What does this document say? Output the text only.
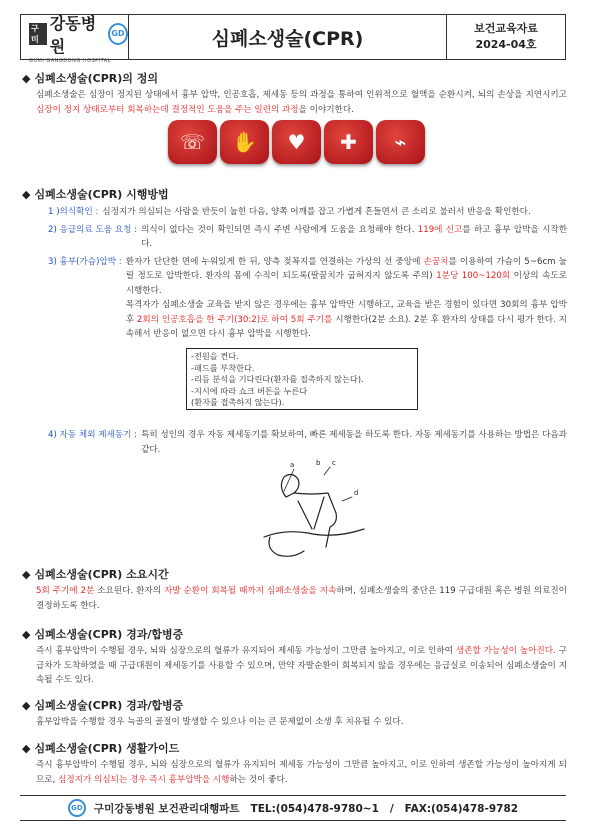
구미
강동병원
GD
GUMI GANGDONG HOSPITAL
심폐소생술(CPR)	보건교육자료
2024-04호
◆ 심폐소생술(CPR)의 정의
심폐소생술은 심장이 정지된 상태에서 흉부 압박, 인공호흡, 제세동 등의 과정을 통하여 인위적으로 혈액을 순환시켜, 뇌의 손상을 지연시키고 심장이 정지 상태로부터 회복하는데 결정적인 도움을 주는 일련의 과정을 이야기한다.
☏ ✋ ♥ ✚ ⌁
◆ 심폐소생술(CPR) 시행방법
1 )의식확인 : 심정지가 의심되는 사람을 반듯이 눕힌 다음, 양쪽 어깨를 잡고 가볍게 흔들면서 큰 소리로 불러서 반응을 확인한다.
2) 응급의료 도움 요청 : 의식이 없다는 것이 확인되면 즉시 주변 사람에게 도움을 요청해야 한다. 119에 신고를 하고 흉부 압박을 시작한다.
3) 흉부(가슴)압박 : 환자가 단단한 면에 누워있게 한 뒤, 양측 젖꼭지를 연결하는 가상의 선 중앙에 손꿈치를 이용하여 가슴이 5~6cm 눌릴 정도로 압박한다. 환자의 몸에 수직이 되도록(팔꿈치가 굽혀지지 않도록 주의) 1분당 100~120회 이상의 속도로 시행한다.
목격자가 심폐소생술 교육을 받지 않은 경우에는 흉부 압박만 시행하고, 교육을 받은 경험이 있다면 30회의 흉부 압박 후 2회의 인공호흡을 한 주기(30:2)로 하여 5회 주기를 시행한다(2분 소요). 2분 후 환자의 상태를 다시 평가 한다. 지속해서 반응이 없으면 다시 흉부 압박을 시행한다.
-전원을 켠다.
-패드를 부착한다.
-리듬 분석을 기다린다(환자를 접촉하지 않는다).
-지시에 따라 쇼크 버튼을 누른다
(환자를 접촉하지 않는다).
4) 자동 체외 제세동기 : 특히 성인의 경우 자동 제세동기를 확보하여, 빠른 제세동을 하도록 한다. 자동 제세동기를 사용하는 방법은 다음과 같다.
a	b c
d
◆ 심폐소생술(CPR) 소요시간
5회 주기에 2분 소요된다. 환자의 자발 순환이 회복될 때까지 심폐소생술을 지속하며, 심폐소생술의 중단은 119 구급대원 혹은 병원 의료진이 결정하도록 한다.
◆ 심폐소생술(CPR) 경과/합병증
즉시 흉부압박이 수행될 경우, 뇌와 심장으로의 혈류가 유지되어 제세동 가능성이 그만큼 높아지고, 이로 인하여 생존할 가능성이 높아진다. 구급차가 도착하였을 때 구급대원이 제세동기를 사용할 수 있으며, 만약 자발순환이 회복되지 않을 경우에는 응급실로 이송되어 심폐소생술이 지속될 수도 있다.
◆ 심폐소생술(CPR) 경과/합병증
흉부압박을 수행할 경우 늑골의 골절이 발생할 수 있으나 이는 큰 문제없이 소생 후 치유될 수 있다.
◆ 심폐소생술(CPR) 생활가이드
즉시 흉부압박이 수행될 경우, 뇌와 심장으로의 혈류가 유지되어 제세동 가능성이 그만큼 높아지고, 이로 인하여 생존할 가능성이 높아지게 되므로, 심정지가 의심되는 경우 즉시 흉부압박을 시행하는 것이 좋다.
GD	구미강동병원 보건관리대행파트   TEL:(054)478-9780~1   /   FAX:(054)478-9782
